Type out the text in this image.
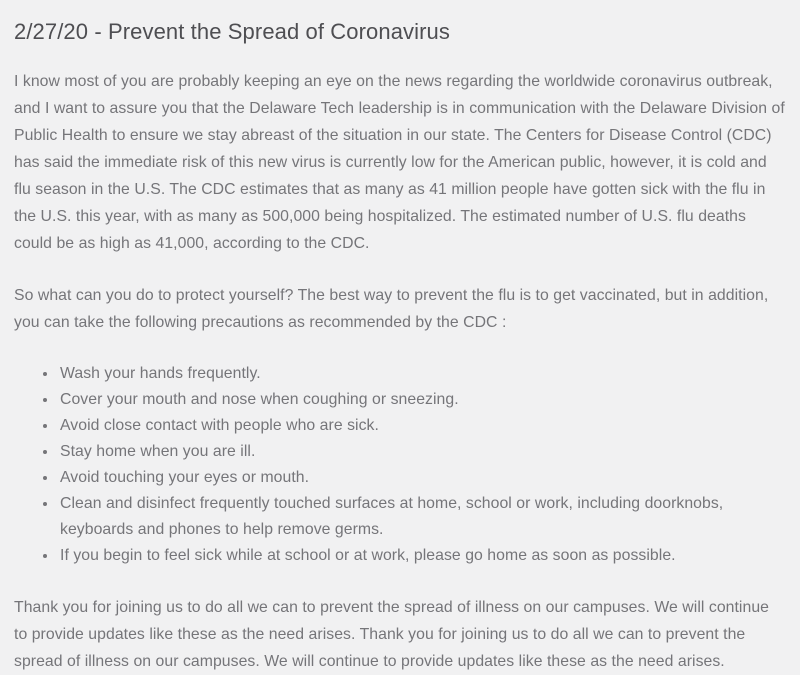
2/27/20 - Prevent the Spread of Coronavirus

I know most of you are probably keeping an eye on the news regarding the worldwide coronavirus outbreak, and I want to assure you that the Delaware Tech leadership is in communication with the Delaware Division of Public Health to ensure we stay abreast of the situation in our state. The Centers for Disease Control (CDC) has said the immediate risk of this new virus is currently low for the American public, however, it is cold and flu season in the U.S. The CDC estimates that as many as 41 million people have gotten sick with the flu in the U.S. this year, with as many as 500,000 being hospitalized. The estimated number of U.S. flu deaths could be as high as 41,000, according to the CDC.

So what can you do to protect yourself? The best way to prevent the flu is to get vaccinated, but in addition, you can take the following precautions as recommended by the CDC :

• Wash your hands frequently.
• Cover your mouth and nose when coughing or sneezing.
• Avoid close contact with people who are sick.
• Stay home when you are ill.
• Avoid touching your eyes or mouth.
• Clean and disinfect frequently touched surfaces at home, school or work, including doorknobs, keyboards and phones to help remove germs.
• If you begin to feel sick while at school or at work, please go home as soon as possible.

Thank you for joining us to do all we can to prevent the spread of illness on our campuses. We will continue to provide updates like these as the need arises. Thank you for joining us to do all we can to prevent the spread of illness on our campuses. We will continue to provide updates like these as the need arises.
